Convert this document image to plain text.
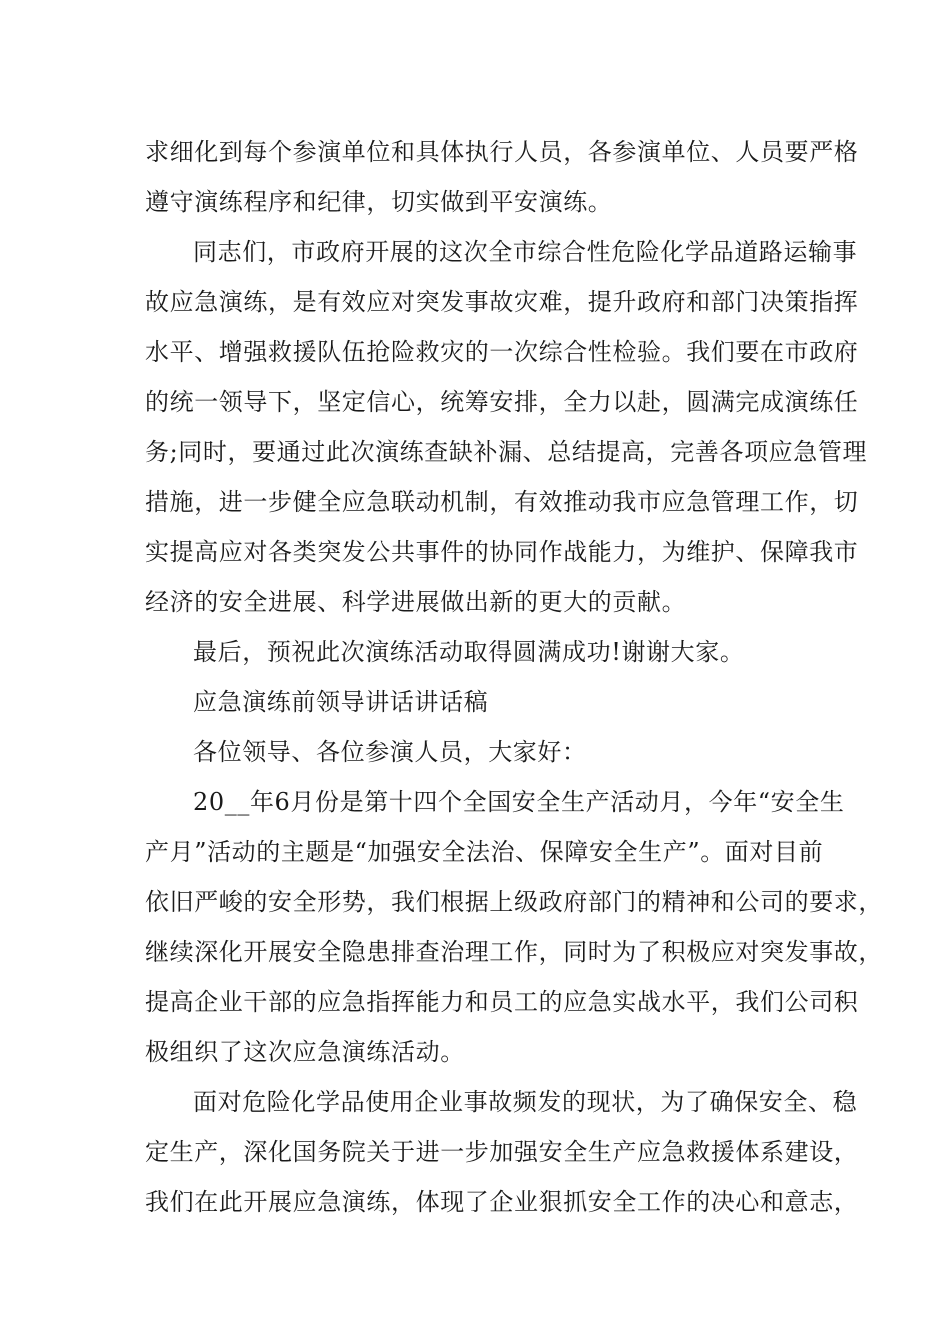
求细化到每个参演单位和具体执行人员，各参演单位、人员要严格
遵守演练程序和纪律，切实做到平安演练。
同志们，市政府开展的这次全市综合性危险化学品道路运输事
故应急演练，是有效应对突发事故灾难，提升政府和部门决策指挥
水平、增强救援队伍抢险救灾的一次综合性检验。我们要在市政府
的统一领导下，坚定信心，统筹安排，全力以赴，圆满完成演练任
务;同时，要通过此次演练查缺补漏、总结提高，完善各项应急管理
措施，进一步健全应急联动机制，有效推动我市应急管理工作，切
实提高应对各类突发公共事件的协同作战能力，为维护、保障我市
经济的安全进展、科学进展做出新的更大的贡献。
最后，预祝此次演练活动取得圆满成功!谢谢大家。
应急演练前领导讲话讲话稿
各位领导、各位参演人员，大家好：
20__年6月份是第十四个全国安全生产活动月，今年“安全生
产月”活动的主题是“加强安全法治、保障安全生产”。面对目前
依旧严峻的安全形势，我们根据上级政府部门的精神和公司的要求，
继续深化开展安全隐患排查治理工作，同时为了积极应对突发事故，
提高企业干部的应急指挥能力和员工的应急实战水平，我们公司积
极组织了这次应急演练活动。
面对危险化学品使用企业事故频发的现状，为了确保安全、稳
定生产，深化国务院关于进一步加强安全生产应急救援体系建设，
我们在此开展应急演练，体现了企业狠抓安全工作的决心和意志，
